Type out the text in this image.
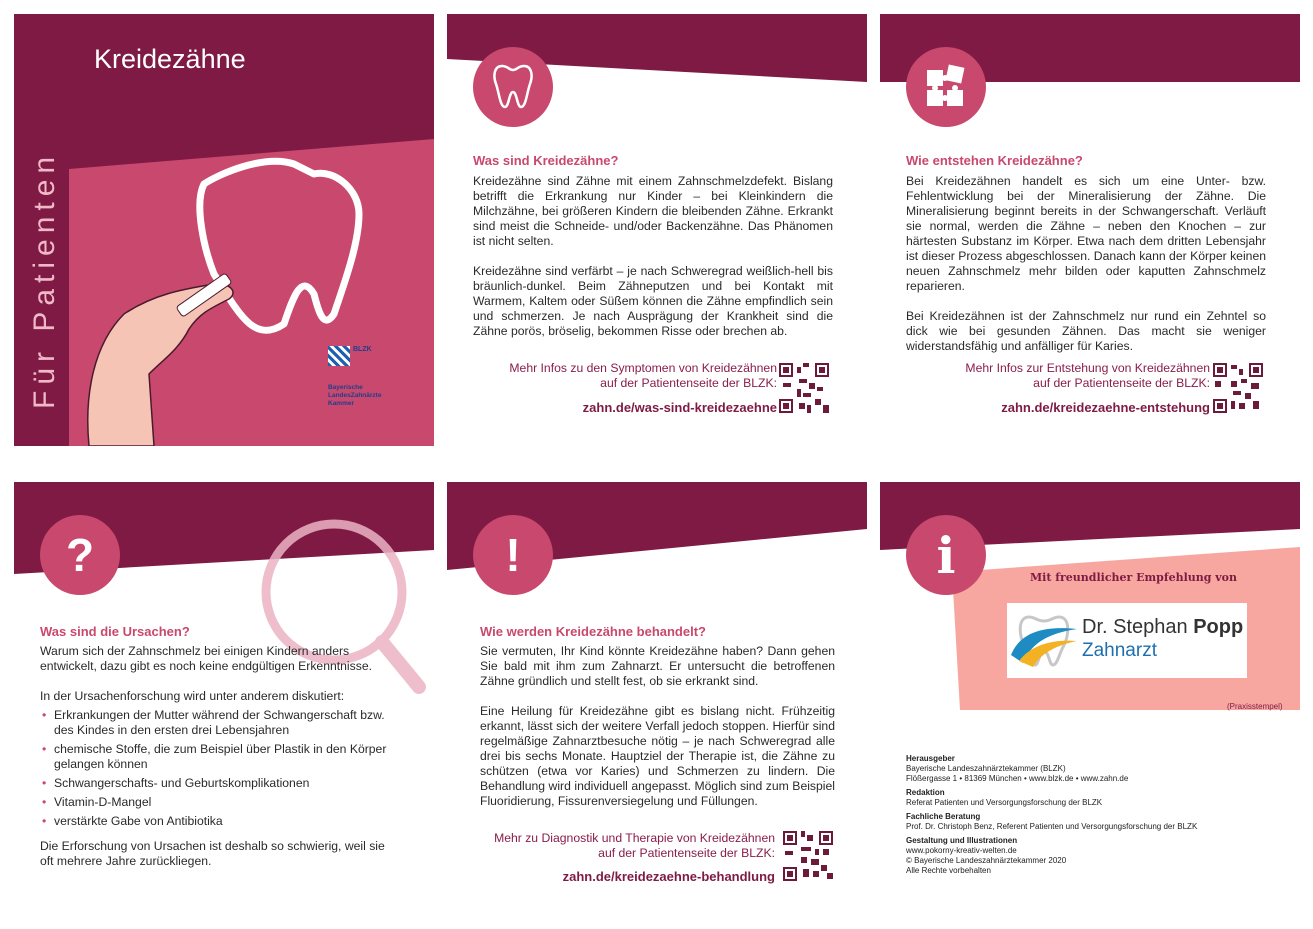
Kreidezähne
Für Patienten	BLZK
Bayerische LandesZahnärzte Kammer
Was sind Kreidezähne?

Kreidezähne sind Zähne mit einem Zahnschmelzdefekt. Bislang betrifft die Erkrankung nur Kinder – bei Kleinkindern die Milchzähne, bei größeren Kindern die bleibenden Zähne. Erkrankt sind meist die Schneide- und/oder Backenzähne. Das Phänomen ist nicht selten.

Kreidezähne sind verfärbt – je nach Schweregrad weißlich-hell bis bräunlich-dunkel. Beim Zähneputzen und bei Kontakt mit Warmem, Kaltem oder Süßem können die Zähne empfindlich sein und schmerzen. Je nach Ausprägung der Krankheit sind die Zähne porös, bröselig, bekommen Risse oder brechen ab.

Mehr Infos zu den Symptomen von Kreidezähnen
auf der Patientenseite der BLZK:
zahn.de/was-sind-kreidezaehne
Wie entstehen Kreidezähne?

Bei Kreidezähnen handelt es sich um eine Unter- bzw. Fehlentwicklung bei der Mineralisierung der Zähne. Die Mineralisierung beginnt bereits in der Schwangerschaft. Verläuft sie normal, werden die Zähne – neben den Knochen – zur härtesten Substanz im Körper. Etwa nach dem dritten Lebensjahr ist dieser Prozess abgeschlossen. Danach kann der Körper keinen neuen Zahnschmelz mehr bilden oder kaputten Zahnschmelz reparieren.

Bei Kreidezähnen ist der Zahnschmelz nur rund ein Zehntel so dick wie bei gesunden Zähnen. Das macht sie weniger widerstandsfähig und anfälliger für Karies.

Mehr Infos zur Entstehung von Kreidezähnen
auf der Patientenseite der BLZK:
zahn.de/kreidezaehne-entstehung
?
Was sind die Ursachen?

Warum sich der Zahnschmelz bei einigen Kindern anders entwickelt, dazu gibt es noch keine endgültigen Erkenntnisse.

In der Ursachenforschung wird unter anderem diskutiert:
• Erkrankungen der Mutter während der Schwangerschaft bzw. des Kindes in den ersten drei Lebensjahren
• chemische Stoffe, die zum Beispiel über Plastik in den Körper gelangen können
• Schwangerschafts- und Geburtskomplikationen
• Vitamin-D-Mangel
• verstärkte Gabe von Antibiotika

Die Erforschung von Ursachen ist deshalb so schwierig, weil sie oft mehrere Jahre zurückliegen.

!
Wie werden Kreidezähne behandelt?

Sie vermuten, Ihr Kind könnte Kreidezähne haben? Dann gehen Sie bald mit ihm zum Zahnarzt. Er untersucht die betroffenen Zähne gründlich und stellt fest, ob sie erkrankt sind.

Eine Heilung für Kreidezähne gibt es bislang nicht. Frühzeitig erkannt, lässt sich der weitere Verfall jedoch stoppen. Hierfür sind regelmäßige Zahnarztbesuche nötig – je nach Schweregrad alle drei bis sechs Monate. Hauptziel der Therapie ist, die Zähne zu schützen (etwa vor Karies) und Schmerzen zu lindern. Die Behandlung wird individuell angepasst. Möglich sind zum Beispiel Fluoridierung, Fissurenversiegelung und Füllungen.

Mehr zu Diagnostik und Therapie von Kreidezähnen
auf der Patientenseite der BLZK:
zahn.de/kreidezaehne-behandlung
i	Mit freundlicher Empfehlung von
Dr. Stephan Popp
Zahnarzt
(Praxisstempel)
Herausgeber
Bayerische Landeszahnärztekammer (BLZK)
Flößergasse 1 • 81369 München • www.blzk.de • www.zahn.de
Redaktion
Referat Patienten und Versorgungsforschung der BLZK
Fachliche Beratung
Prof. Dr. Christoph Benz, Referent Patienten und Versorgungsforschung der BLZK
Gestaltung und Illustrationen
www.pokorny-kreativ-welten.de
© Bayerische Landeszahnärztekammer 2020
Alle Rechte vorbehalten
